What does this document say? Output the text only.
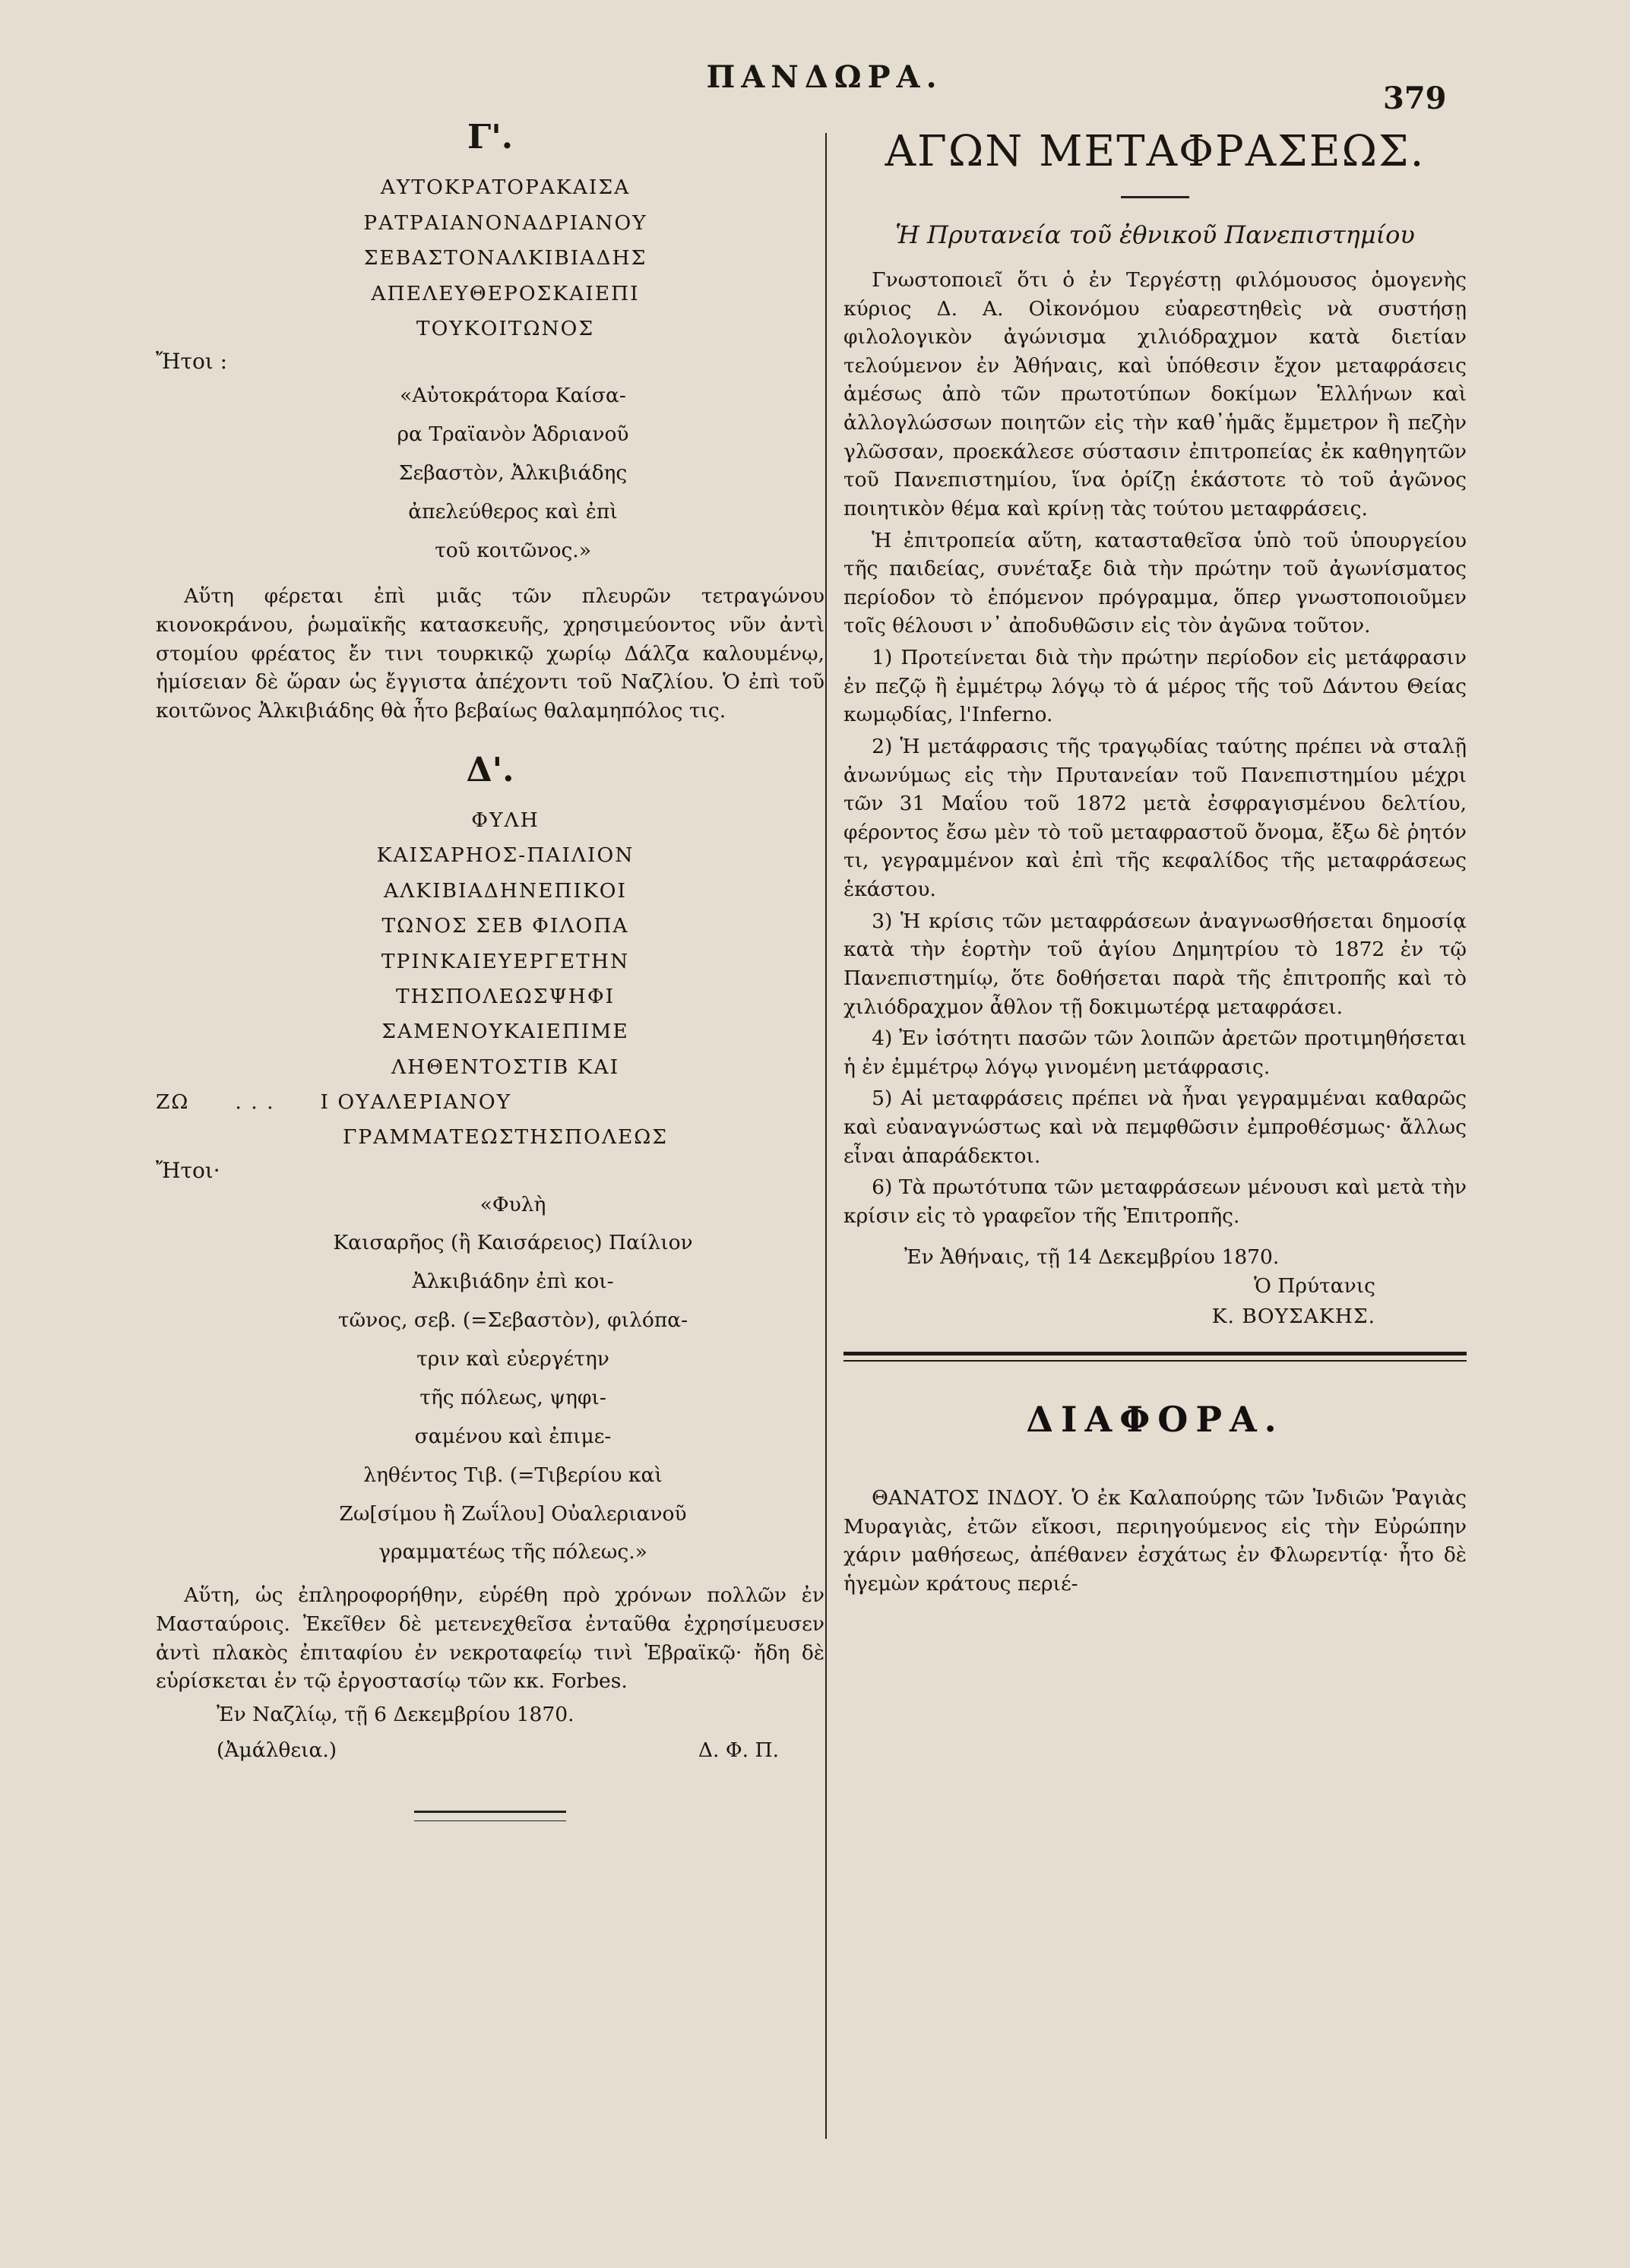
ΠΑΝΔΩΡΑ.
379
Γ'.
ΑΥΤΟΚΡΑΤΟΡΑΚΑΙΣΑ
ΡΑΤΡΑΙΑΝΟΝΑΔΡΙΑΝΟΥ
ΣΕΒΑΣΤΟΝΑΛΚΙΒΙΑΔΗΣ
ΑΠΕΛΕΥΘΕΡΟΣΚΑΙΕΠΙ
ΤΟΥΚΟΙΤΩΝΟΣ
Ἤτοι :
«Αὐτοκράτορα Καίσα-
ρα Τραϊανὸν Ἁδριανοῦ
Σεβαστὸν, Ἀλκιβιάδης
ἀπελεύθερος καὶ ἐπὶ
τοῦ κοιτῶνος.»

Αὕτη φέρεται ἐπὶ μιᾶς τῶν πλευρῶν τετραγώνου κιονοκράνου, ῥωμαϊκῆς κατασκευῆς, χρησιμεύοντος νῦν ἀντὶ στομίου φρέατος ἔν τινι τουρκικῷ χωρίῳ Δάλζα καλουμένῳ, ἡμίσειαν δὲ ὥραν ὡς ἔγγιστα ἀπέχοντι τοῦ Ναζλίου. Ὁ ἐπὶ τοῦ κοιτῶνος Ἀλκιβιάδης θὰ ἦτο βεβαίως θαλαμηπόλος τις.

Δ'.
ΦΥΛΗ
ΚΑΙΣΑΡΗΟΣ-ΠΑΙΛΙΟΝ
ΑΛΚΙΒΙΑΔΗΝΕΠΙΚΟΙ
ΤΩΝΟΣ ΣΕΒ ΦΙΛΟΠΑ
ΤΡΙΝΚΑΙΕΥΕΡΓΕΤΗΝ
ΤΗΣΠΟΛΕΩΣΨΗΦΙ
ΣΑΜΕΝΟΥΚΑΙΕΠΙΜΕ
ΛΗΘΕΝΤΟΣΤΙΒ ΚΑΙ
ΖΩ . . . Ι ΟΥΑΛΕΡΙΑΝΟΥ
ΓΡΑΜΜΑΤΕΩΣΤΗΣΠΟΛΕΩΣ
Ἤτοι·
«Φυλὴ
Καισαρῆος (ἢ Καισάρειος) Παίλιον
Ἀλκιβιάδην ἐπὶ κοι-
τῶνος, σεβ. (=Σεβαστὸν), φιλόπα-
τριν καὶ εὐεργέτην
τῆς πόλεως, ψηφι-
σαμένου καὶ ἐπιμε-
ληθέντος Τιβ. (=Τιβερίου καὶ
Ζω[σίμου ἢ Ζωΐλου] Οὐαλεριανοῦ
γραμματέως τῆς πόλεως.»

Αὕτη, ὡς ἐπληροφορήθην, εὑρέθη πρὸ χρόνων πολλῶν ἐν Μασταύροις. Ἐκεῖθεν δὲ μετενεχθεῖσα ἐνταῦθα ἐχρησίμευσεν ἀντὶ πλακὸς ἐπιταφίου ἐν νεκροταφείῳ τινὶ Ἑβραϊκῷ· ἤδη δὲ εὑρίσκεται ἐν τῷ ἐργοστασίῳ τῶν κκ. Forbes.

Ἐν Ναζλίῳ, τῇ 6 Δεκεμβρίου 1870.
(Ἀμάλθεια.)	Δ. Φ. Π.
ΑΓΩΝ ΜΕΤΑΦΡΑΣΕΩΣ.
Ἡ Πρυτανεία τοῦ ἐθνικοῦ Πανεπιστημίου

Γνωστοποιεῖ ὅτι ὁ ἐν Τεργέστῃ φιλόμουσος ὁμογενὴς κύριος Δ. Α. Οἰκονόμου εὐαρεστηθεὶς νὰ συστήσῃ φιλολογικὸν ἀγώνισμα χιλιόδραχμον κατὰ διετίαν τελούμενον ἐν Ἀθήναις, καὶ ὑπόθεσιν ἔχον μεταφράσεις ἀμέσως ἀπὸ τῶν πρωτοτύπων δοκίμων Ἑλλήνων καὶ ἀλλογλώσσων ποιητῶν εἰς τὴν καθ᾽ἡμᾶς ἔμμετρον ἢ πεζὴν γλῶσσαν, προεκάλεσε σύστασιν ἐπιτροπείας ἐκ καθηγητῶν τοῦ Πανεπιστημίου, ἵνα ὁρίζῃ ἑκάστοτε τὸ τοῦ ἀγῶνος ποιητικὸν θέμα καὶ κρίνῃ τὰς τούτου μεταφράσεις.

Ἡ ἐπιτροπεία αὕτη, κατασταθεῖσα ὑπὸ τοῦ ὑπουργείου τῆς παιδείας, συνέταξε διὰ τὴν πρώτην τοῦ ἀγωνίσματος περίοδον τὸ ἑπόμενον πρόγραμμα, ὅπερ γνωστοποιοῦμεν τοῖς θέλουσι ν᾽ ἀποδυθῶσιν εἰς τὸν ἀγῶνα τοῦτον.

1) Προτείνεται διὰ τὴν πρώτην περίοδον εἰς μετάφρασιν ἐν πεζῷ ἢ ἐμμέτρῳ λόγῳ τὸ ά μέρος τῆς τοῦ Δάντου Θείας κωμῳδίας, l'Inferno.

2) Ἡ μετάφρασις τῆς τραγῳδίας ταύτης πρέπει νὰ σταλῇ ἀνωνύμως εἰς τὴν Πρυτανείαν τοῦ Πανεπιστημίου μέχρι τῶν 31 Μαΐου τοῦ 1872 μετὰ ἐσφραγισμένου δελτίου, φέροντος ἔσω μὲν τὸ τοῦ μεταφραστοῦ ὄνομα, ἔξω δὲ ῥητόν τι, γεγραμμένον καὶ ἐπὶ τῆς κεφαλίδος τῆς μεταφράσεως ἑκάστου.

3) Ἡ κρίσις τῶν μεταφράσεων ἀναγνωσθήσεται δημοσίᾳ κατὰ τὴν ἑορτὴν τοῦ ἁγίου Δημητρίου τὸ 1872 ἐν τῷ Πανεπιστημίῳ, ὅτε δοθήσεται παρὰ τῆς ἐπιτροπῆς καὶ τὸ χιλιόδραχμον ἆθλον τῇ δοκιμωτέρᾳ μεταφράσει.

4) Ἐν ἰσότητι πασῶν τῶν λοιπῶν ἀρετῶν προτιμηθήσεται ἡ ἐν ἐμμέτρῳ λόγῳ γινομένη μετάφρασις.

5) Αἱ μεταφράσεις πρέπει νὰ ἦναι γεγραμμέναι καθαρῶς καὶ εὐαναγνώστως καὶ νὰ πεμφθῶσιν ἐμπροθέσμως· ἄλλως εἶναι ἀπαράδεκτοι.

6) Τὰ πρωτότυπα τῶν μεταφράσεων μένουσι καὶ μετὰ τὴν κρίσιν εἰς τὸ γραφεῖον τῆς Ἐπιτροπῆς.

Ἐν Ἀθήναις, τῇ 14 Δεκεμβρίου 1870.
Ὁ Πρύτανις
Κ. ΒΟΥΣΑΚΗΣ.
ΔΙΑΦΟΡΑ.

ΘΑΝΑΤΟΣ ΙΝΔΟΥ. Ὁ ἐκ Καλαπούρης τῶν Ἰνδιῶν Ῥαγιὰς Μυραγιὰς, ἐτῶν εἴκοσι, περιηγούμενος εἰς τὴν Εὐρώπην χάριν μαθήσεως, ἀπέθανεν ἐσχάτως ἐν Φλωρεντίᾳ· ἦτο δὲ ἡγεμὼν κράτους περιέ-
